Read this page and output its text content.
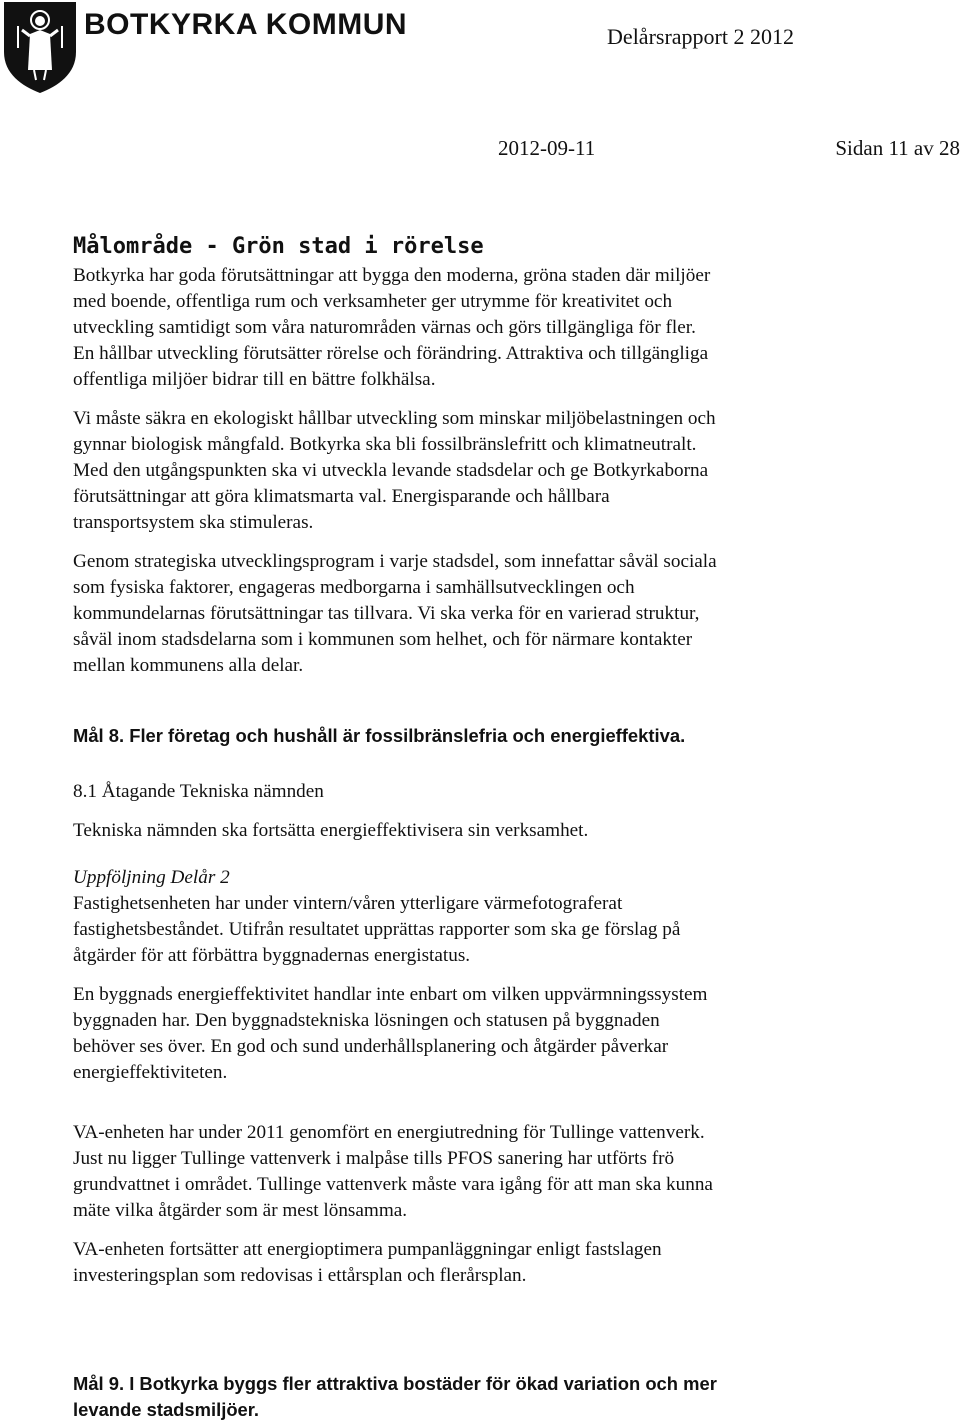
BOTKYRKA KOMMUN	Delårsrapport 2 2012
2012-09-11	Sidan 11 av 28
Målområde - Grön stad i rörelse

Botkyrka har goda förutsättningar att bygga den moderna, gröna staden där miljöer
med boende, offentliga rum och verksamheter ger utrymme för kreativitet och
utveckling samtidigt som våra naturområden värnas och görs tillgängliga för fler.
En hållbar utveckling förutsätter rörelse och förändring. Attraktiva och tillgängliga
offentliga miljöer bidrar till en bättre folkhälsa.

Vi måste säkra en ekologiskt hållbar utveckling som minskar miljöbelastningen och
gynnar biologisk mångfald. Botkyrka ska bli fossilbränslefritt och klimatneutralt.
Med den utgångspunkten ska vi utveckla levande stadsdelar och ge Botkyrkaborna
förutsättningar att göra klimatsmarta val. Energisparande och hållbara
transportsystem ska stimuleras.

Genom strategiska utvecklingsprogram i varje stadsdel, som innefattar såväl sociala
som fysiska faktorer, engageras medborgarna i samhällsutvecklingen och
kommundelarnas förutsättningar tas tillvara. Vi ska verka för en varierad struktur,
såväl inom stadsdelarna som i kommunen som helhet, och för närmare kontakter
mellan kommunens alla delar.

Mål 8. Fler företag och hushåll är fossilbränslefria och energieffektiva.

8.1 Åtagande Tekniska nämnden

Tekniska nämnden ska fortsätta energieffektivisera sin verksamhet.

Uppföljning Delår 2

Fastighetsenheten har under vintern/våren ytterligare värmefotograferat
fastighetsbeståndet. Utifrån resultatet upprättas rapporter som ska ge förslag på
åtgärder för att förbättra byggnadernas energistatus.

En byggnads energieffektivitet handlar inte enbart om vilken uppvärmningssystem
byggnaden har. Den byggnadstekniska lösningen och statusen på byggnaden
behöver ses över. En god och sund underhållsplanering och åtgärder påverkar
energieffektiviteten.

VA-enheten har under 2011 genomfört en energiutredning för Tullinge vattenverk.
Just nu ligger Tullinge vattenverk i malpåse tills PFOS sanering har utförts frö
grundvattnet i området. Tullinge vattenverk måste vara igång för att man ska kunna
mäte vilka åtgärder som är mest lönsamma.

VA-enheten fortsätter att energioptimera pumpanläggningar enligt fastslagen
investeringsplan som redovisas i ettårsplan och flerårsplan.

Mål 9. I Botkyrka byggs fler attraktiva bostäder för ökad variation och mer
levande stadsmiljöer.
